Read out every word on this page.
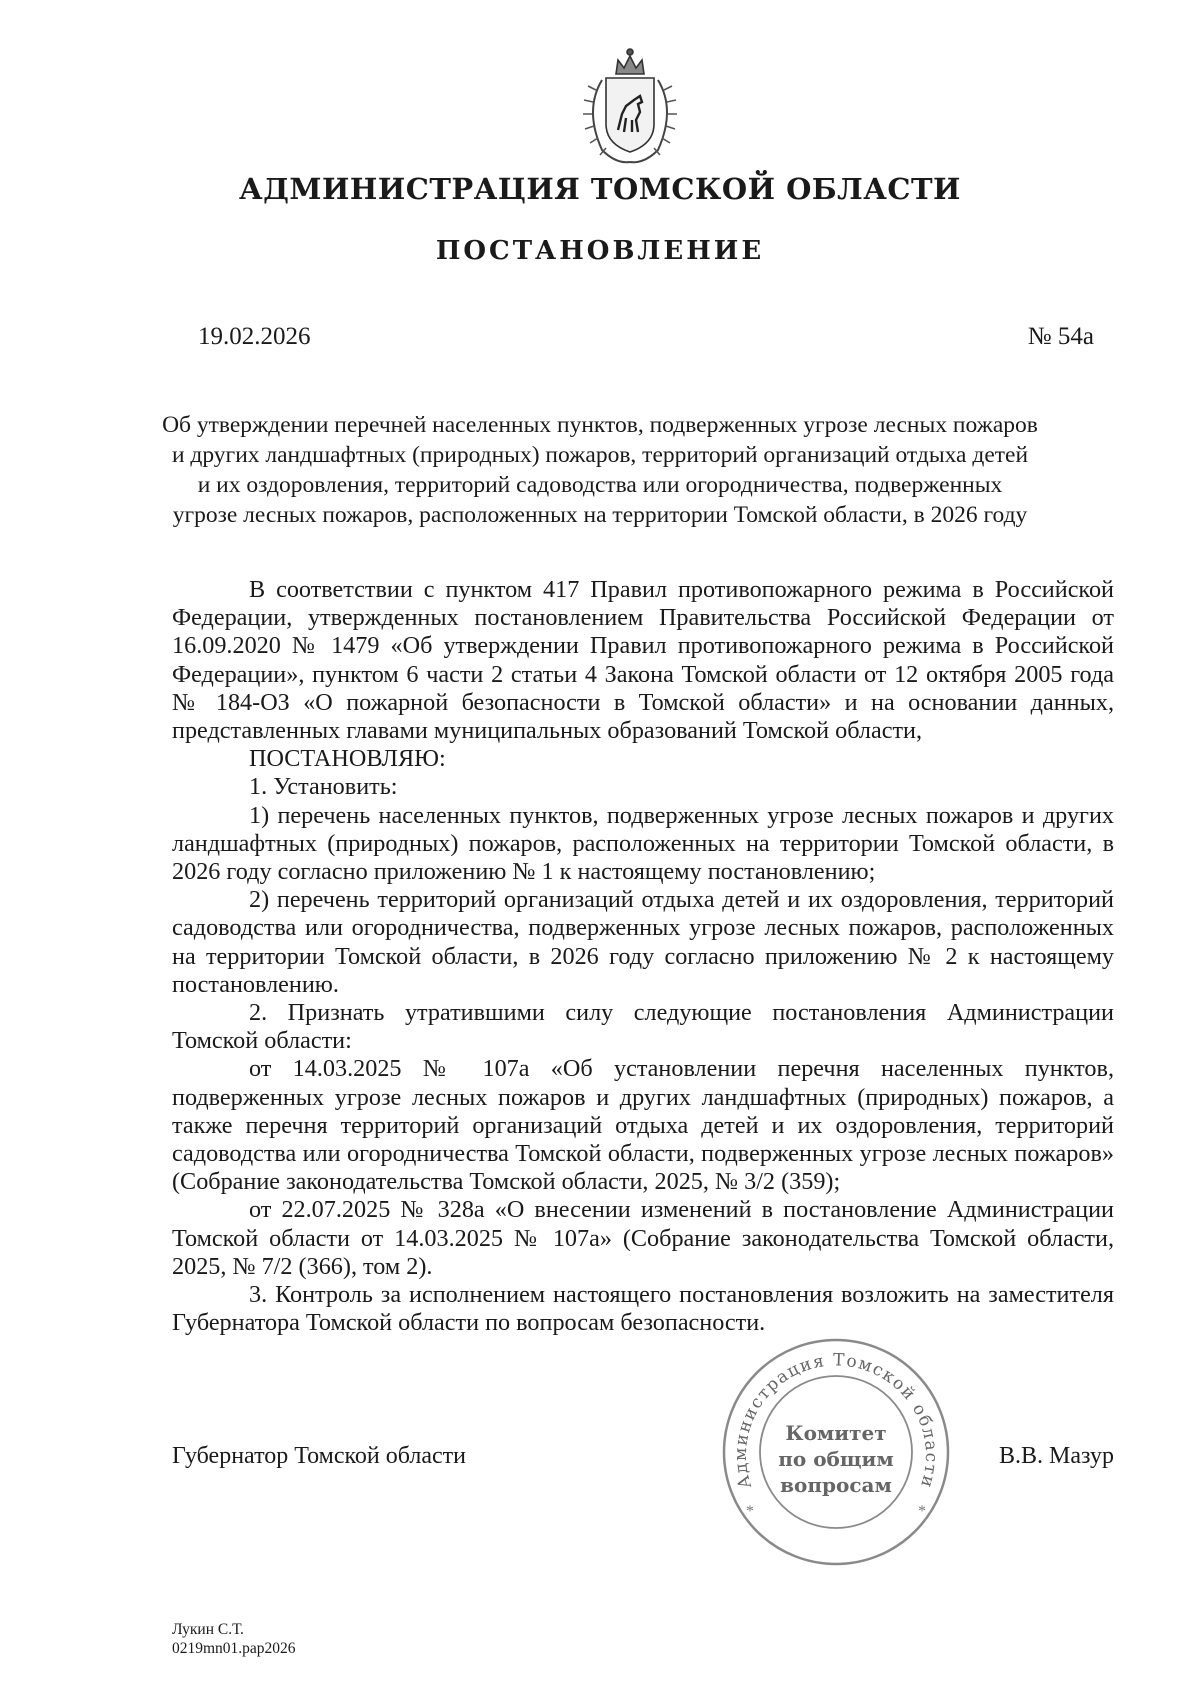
АДМИНИСТРАЦИЯ ТОМСКОЙ ОБЛАСТИ
ПОСТАНОВЛЕНИЕ
19.02.2026	№ 54а
Об утверждении перечней населенных пунктов, подверженных угрозе лесных пожаров
и других ландшафтных (природных) пожаров, территорий организаций отдыха детей
и их оздоровления, территорий садоводства или огородничества, подверженных
угрозе лесных пожаров, расположенных на территории Томской области, в 2026 году

В соответствии с пунктом 417 Правил противопожарного режима в Российской Федерации, утвержденных постановлением Правительства Российской Федерации от 16.09.2020 № 1479 «Об утверждении Правил противопожарного режима в Российской Федерации», пунктом 6 части 2 статьи 4 Закона Томской области от 12 октября 2005 года № 184-ОЗ «О пожарной безопасности в Томской области» и на основании данных, представленных главами муниципальных образований Томской области,

ПОСТАНОВЛЯЮ:

1. Установить:

1) перечень населенных пунктов, подверженных угрозе лесных пожаров и других ландшафтных (природных) пожаров, расположенных на территории Томской области, в 2026 году согласно приложению № 1 к настоящему постановлению;

2) перечень территорий организаций отдыха детей и их оздоровления, территорий садоводства или огородничества, подверженных угрозе лесных пожаров, расположенных на территории Томской области, в 2026 году согласно приложению № 2 к настоящему постановлению.

2. Признать утратившими силу следующие постановления Администрации Томской области:

от 14.03.2025 № 107а «Об установлении перечня населенных пунктов, подверженных угрозе лесных пожаров и других ландшафтных (природных) пожаров, а также перечня территорий организаций отдыха детей и их оздоровления, территорий садоводства или огородничества Томской области, подверженных угрозе лесных пожаров» (Собрание законодательства Томской области, 2025, № 3/2 (359);

от 22.07.2025 № 328а «О внесении изменений в постановление Администрации Томской области от 14.03.2025 № 107а» (Собрание законодательства Томской области, 2025, № 7/2 (366), том 2).

3. Контроль за исполнением настоящего постановления возложить на заместителя Губернатора Томской области по вопросам безопасности.

Губернатор Томской области	В.В. Мазур
Администрация Томской области
*	*
Комитет
по общим
вопросам
Лукин С.Т.
0219mn01.pap2026
